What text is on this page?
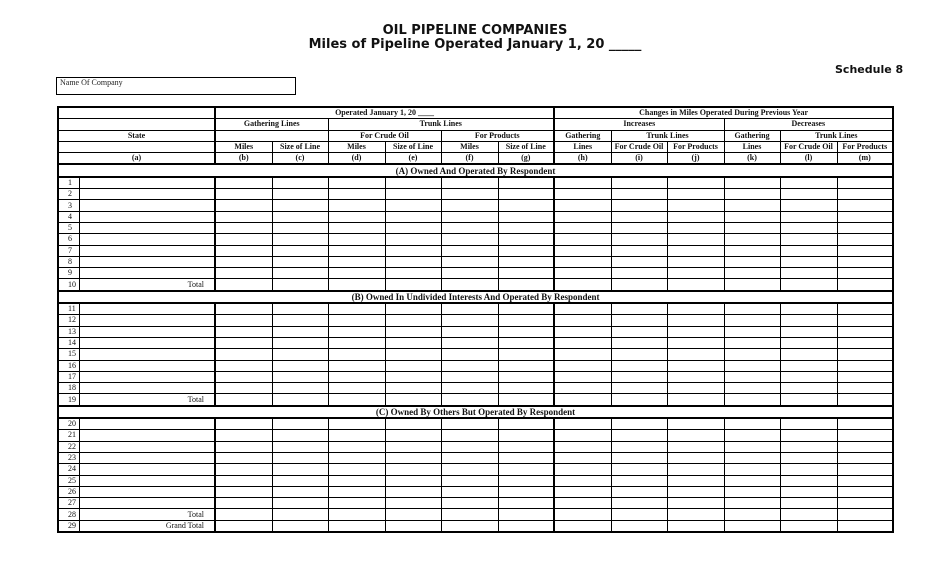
OIL PIPELINE COMPANIES
Miles of Pipeline Operated January 1, 20 _____
Schedule 8
Name Of Company
		Operated January 1, 20 ____						Changes in Miles Operated During Previous Year					
		Gathering Lines		Trunk Lines				Increases			Decreases		
State				For Crude Oil		For Products		Gathering	Trunk Lines		Gathering	Trunk Lines	
		Miles	Size of Line	Miles	Size of Line	Miles	Size of Line	Lines	For Crude Oil	For Products	Lines	For Crude Oil	For Products
(a)		(b)	(c)	(d)	(e)	(f)	(g)	(h)	(i)	(j)	(k)	(l)	(m)
(A) Owned And Operated By Respondent													
1													
2													
3													
4													
5													
6													
7													
8													
9													
10	Total												
(B) Owned In Undivided Interests And Operated By Respondent													
11													
12													
13													
14													
15													
16													
17													
18													
19	Total												
(C) Owned By Others But Operated By Respondent													
20													
21													
22													
23													
24													
25													
26													
27													
28	Total												
29	Grand Total												
